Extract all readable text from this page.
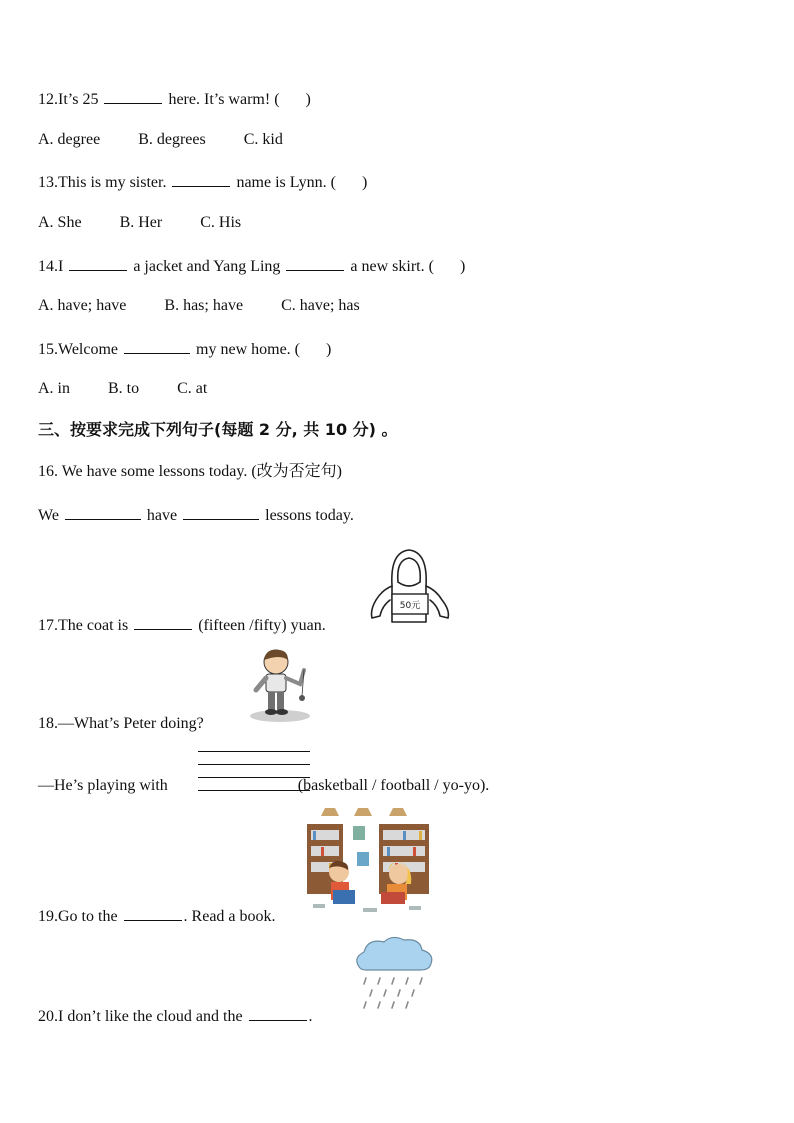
12.It’s 25	here. It’s warm! ( )
A. degree B. degrees C. kid
13.This is my sister.	name is Lynn. ( )
A. She B. Her C. His
14.I	a jacket and Yang Ling	a new skirt. ( )
A. have; have B. has; have C. have; has
15.Welcome	my new home. ( )
A. in B. to C. at
三、按要求完成下列句子(每题 2 分, 共 10 分) 。
16. We have some lessons today. (改为否定句)
We	have	lessons today.
17.The coat is	(fifteen /fifty) yuan.
50元
18.—What’s Peter doing?
—He’s playing with	(basketball / football / yo-yo).
19.Go to the	. Read a book.
20.I don’t like the cloud and the	.
